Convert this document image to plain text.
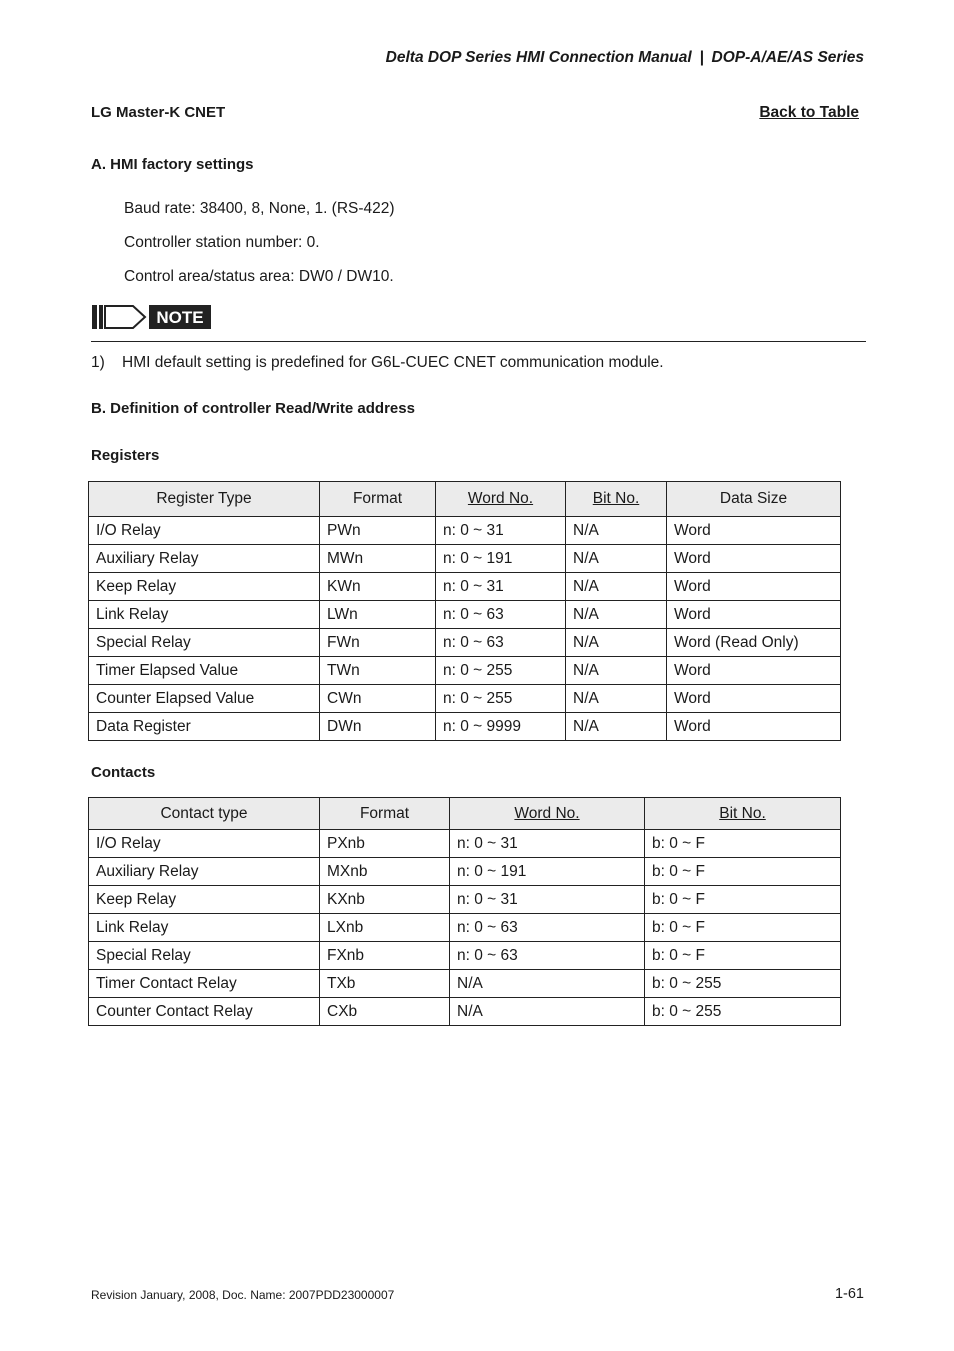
Delta DOP Series HMI Connection Manual | DOP-A/AE/AS Series
LG Master-K CNET	Back to Table
A. HMI factory settings
Baud rate: 38400, 8, None, 1. (RS-422)
Controller station number: 0.
Control area/status area: DW0 / DW10.
NOTE
1)    HMI default setting is predefined for G6L-CUEC CNET communication module.
B. Definition of controller Read/Write address
Registers
Register Type	Format	Word No.	Bit No.	Data Size
I/O Relay	PWn	n: 0 ~ 31	N/A	Word
Auxiliary Relay	MWn	n: 0 ~ 191	N/A	Word
Keep Relay	KWn	n: 0 ~ 31	N/A	Word
Link Relay	LWn	n: 0 ~ 63	N/A	Word
Special Relay	FWn	n: 0 ~ 63	N/A	Word (Read Only)
Timer Elapsed Value	TWn	n: 0 ~ 255	N/A	Word
Counter Elapsed Value	CWn	n: 0 ~ 255	N/A	Word
Data Register	DWn	n: 0 ~ 9999	N/A	Word
Contacts
Contact type	Format	Word No.	Bit No.
I/O Relay	PXnb	n: 0 ~ 31	b: 0 ~ F
Auxiliary Relay	MXnb	n: 0 ~ 191	b: 0 ~ F
Keep Relay	KXnb	n: 0 ~ 31	b: 0 ~ F
Link Relay	LXnb	n: 0 ~ 63	b: 0 ~ F
Special Relay	FXnb	n: 0 ~ 63	b: 0 ~ F
Timer Contact Relay	TXb	N/A	b: 0 ~ 255
Counter Contact Relay	CXb	N/A	b: 0 ~ 255
Revision January, 2008, Doc. Name: 2007PDD23000007	1-61
